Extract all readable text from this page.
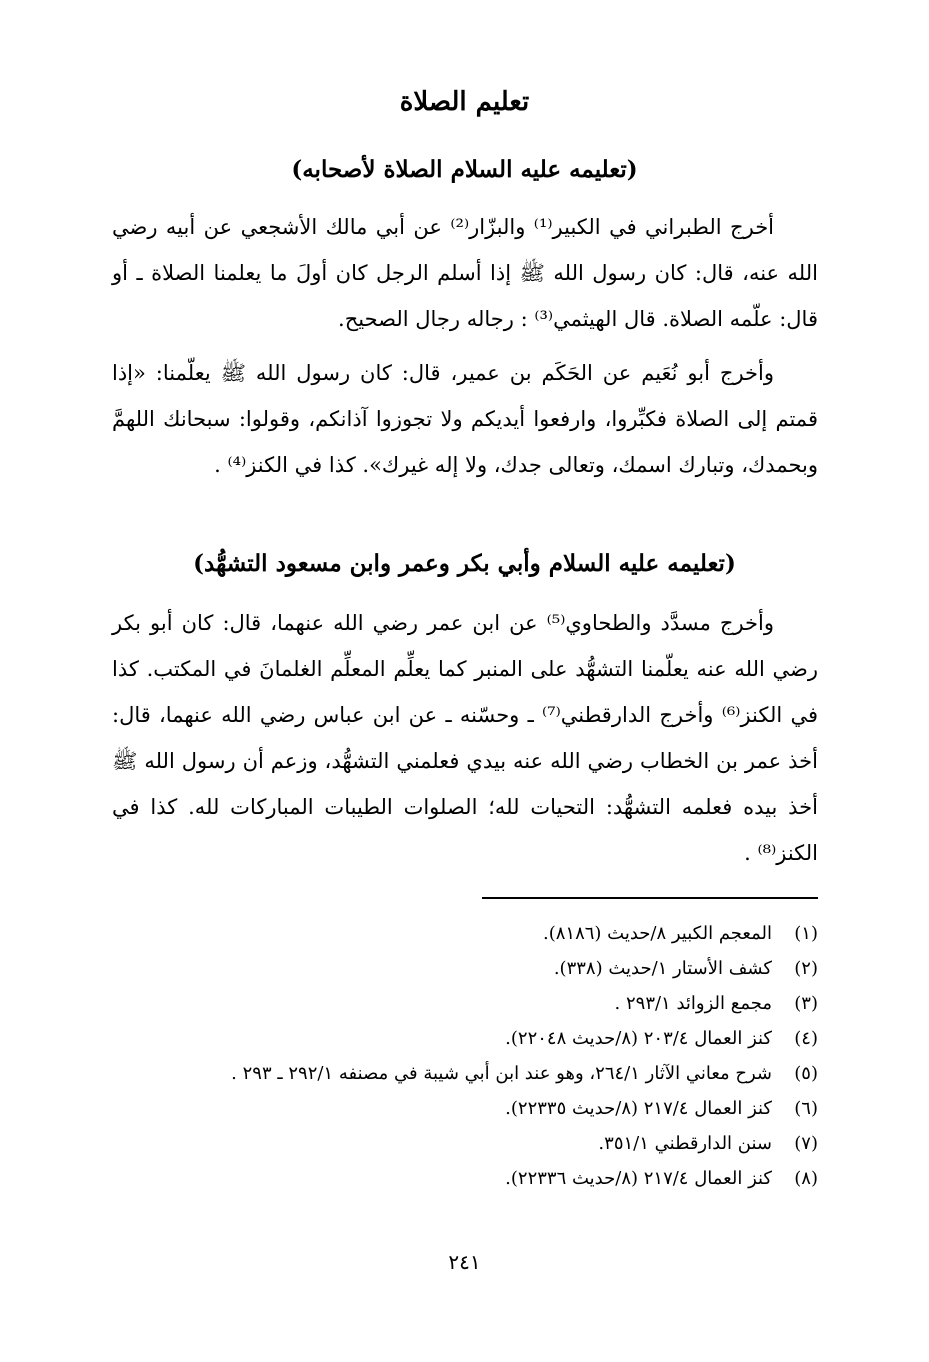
تعليم الصلاة
(تعليمه عليه السلام الصلاة لأصحابه)

أخرج الطبراني في الكبير⁽¹⁾ والبزّار⁽²⁾ عن أبي مالك الأشجعي عن أبيه رضي الله عنه، قال: كان رسول الله ﷺ إذا أسلم الرجل كان أولَ ما يعلمنا الصلاة ـ أو قال: علّمه الصلاة. قال الهيثمي⁽³⁾ : رجاله رجال الصحيح.

وأخرج أبو نُعَيم عن الحَكَم بن عمير، قال: كان رسول الله ﷺ يعلّمنا: «إذا قمتم إلى الصلاة فكبِّروا، وارفعوا أيديكم ولا تجوزوا آذانكم، وقولوا: سبحانك اللهمَّ وبحمدك، وتبارك اسمك، وتعالى جدك، ولا إله غيرك». كذا في الكنز⁽⁴⁾ .

(تعليمه عليه السلام وأبي بكر وعمر وابن مسعود التشهُّد)

وأخرج مسدَّد والطحاوي⁽⁵⁾ عن ابن عمر رضي الله عنهما، قال: كان أبو بكر رضي الله عنه يعلّمنا التشهُّد على المنبر كما يعلِّم المعلِّم الغلمانَ في المكتب. كذا في الكنز⁽⁶⁾ وأخرج الدارقطني⁽⁷⁾ ـ وحسّنه ـ عن ابن عباس رضي الله عنهما، قال: أخذ عمر بن الخطاب رضي الله عنه بيدي فعلمني التشهُّد، وزعم أن رسول الله ﷺ أخذ بيده فعلمه التشهُّد: التحيات لله؛ الصلوات الطيبات المباركات لله. كذا في الكنز⁽⁸⁾ .

(١)
المعجم الكبير ٨/حديث (٨١٨٦).
(٢)
كشف الأستار ١/حديث (٣٣٨).
(٣)
مجمع الزوائد ٢٩٣/١ .
(٤)
كنز العمال ٢٠٣/٤ (٨/حديث ٢٢٠٤٨).
(٥)
شرح معاني الآثار ٢٦٤/١، وهو عند ابن أبي شيبة في مصنفه ٢٩٢/١ ـ ٢٩٣ .
(٦)
كنز العمال ٢١٧/٤ (٨/حديث ٢٢٣٣٥).
(٧)
سنن الدارقطني ٣٥١/١.
(٨)
كنز العمال ٢١٧/٤ (٨/حديث ٢٢٣٣٦).
٢٤١
